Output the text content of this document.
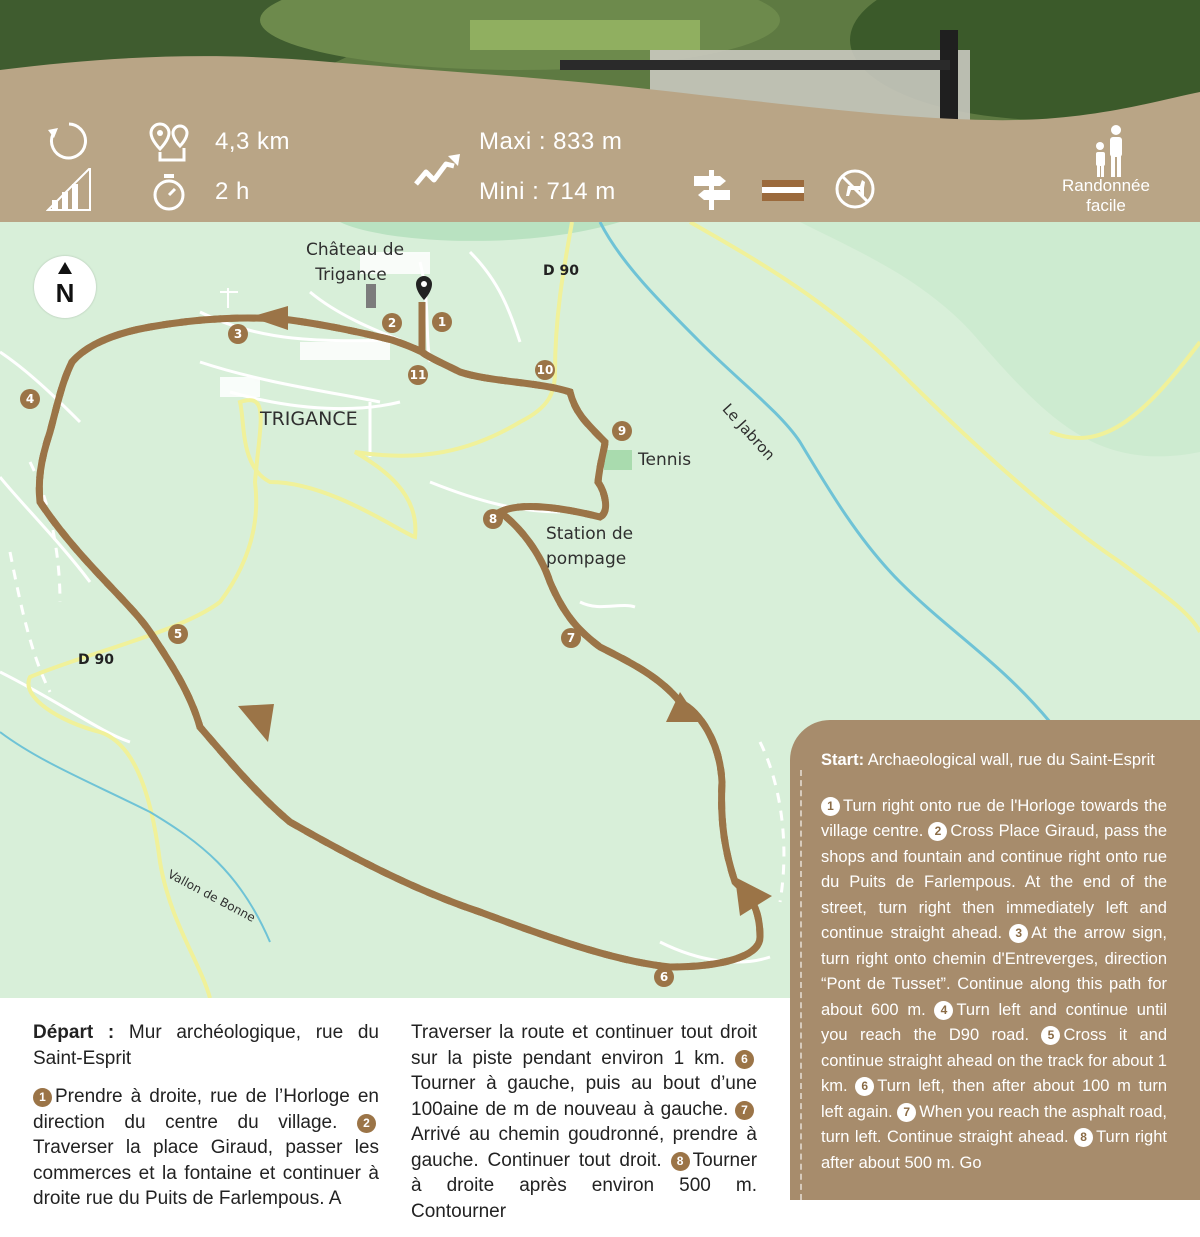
4,3 km
2 h
Maxi : 833 m
Mini : 714 m	Randonnée
facile
1
2
3
4
5
6
7
8
9
10
11
Château de
Trigance
TRIGANCE
D 90
D 90
Tennis
Station de
pompage
Le Jabron
Vallon de Bonne
N

Départ : Mur archéologique, rue du Saint-Esprit

1 Prendre à droite, rue de l’Horloge en direction du centre du village. 2Traverser la place Giraud, passer les commerces et la fontaine et continuer à droite rue du Puits de Farlempous. A

Traverser la route et continuer tout droit sur la piste pendant environ 1 km. 6Tourner à gauche, puis au bout d’une 100aine de m de nouveau à gauche. 7Arrivé au chemin goudronné, prendre à gauche. Continuer tout droit. 8 Tourner à droite après environ 500 m. Contourner

Start: Archaeological wall, rue du Saint-Esprit

1 Turn right onto rue de l'Horloge towards the village centre. 2 Cross Place Giraud, pass the shops and fountain and continue right onto rue du Puits de Farlempous. At the end of the street, turn right then immediately left and continue straight ahead. 3 At the arrow sign, turn right onto chemin d'Entreverges, direction “Pont de Tusset”. Continue along this path for about 600 m. 4 Turn left and continue until you reach the D90 road. 5 Cross it and continue straight ahead on the track for about 1 km. 6 Turn left, then after about 100 m turn left again. 7 When you reach the asphalt road, turn left. Continue straight ahead. 8 Turn right after about 500 m. Go
